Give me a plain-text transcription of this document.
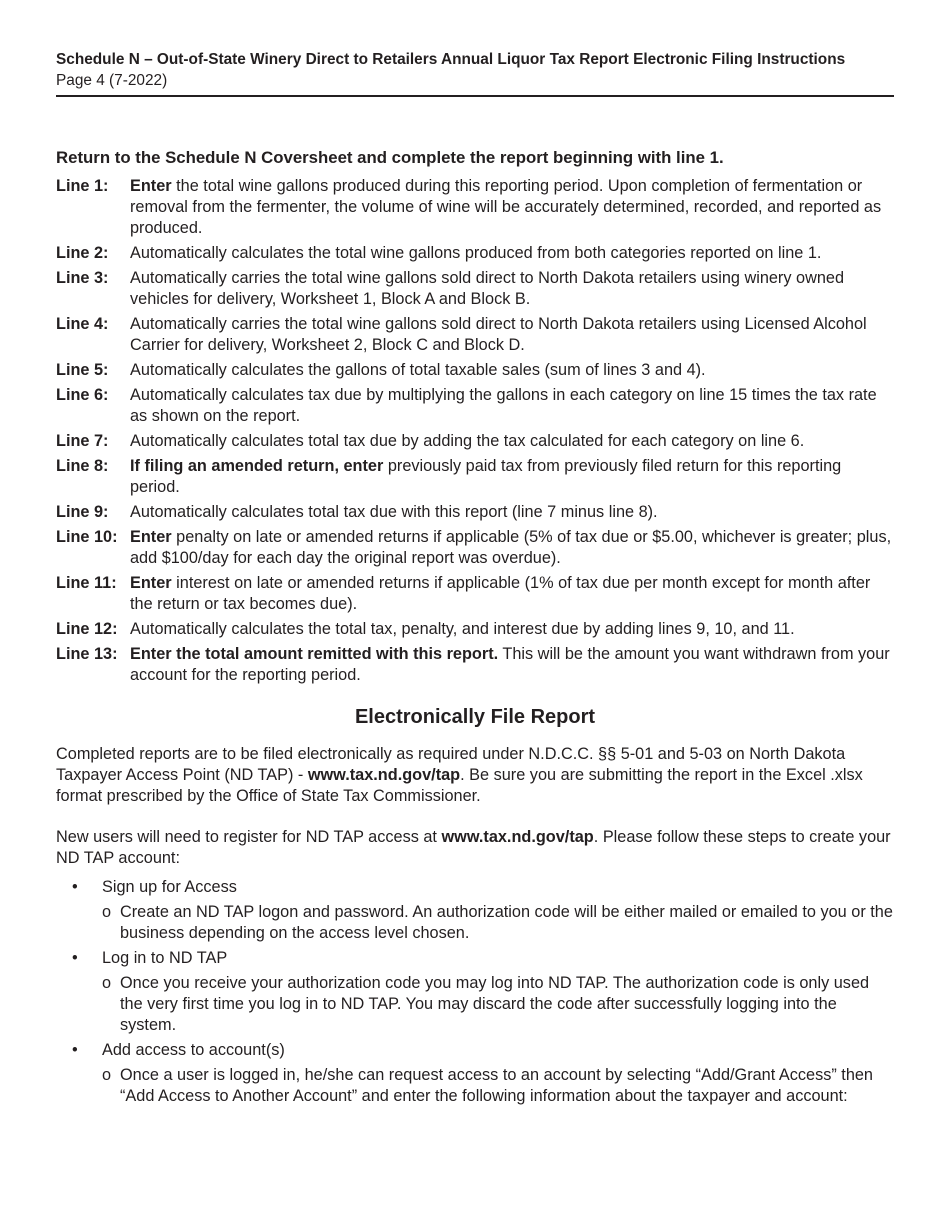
Schedule N – Out-of-State Winery Direct to Retailers Annual Liquor Tax Report Electronic Filing Instructions
Page 4 (7-2022)
Return to the Schedule N Coversheet and complete the report beginning with line 1.
Line 1:	Enter the total wine gallons produced during this reporting period. Upon completion of fermentation or removal from the fermenter, the volume of wine will be accurately determined, recorded, and reported as produced.
Line 2:	Automatically calculates the total wine gallons produced from both categories reported on line 1.
Line 3:	Automatically carries the total wine gallons sold direct to North Dakota retailers using winery owned vehicles for delivery, Worksheet 1, Block A and Block B.
Line 4:	Automatically carries the total wine gallons sold direct to North Dakota retailers using Licensed Alcohol Carrier for delivery, Worksheet 2, Block C and Block D.
Line 5:	Automatically calculates the gallons of total taxable sales (sum of lines 3 and 4).
Line 6:	Automatically calculates tax due by multiplying the gallons in each category on line 15 times the tax rate as shown on the report.
Line 7:	Automatically calculates total tax due by adding the tax calculated for each category on line 6.
Line 8:	If filing an amended return, enter previously paid tax from previously filed return for this reporting period.
Line 9:	Automatically calculates total tax due with this report (line 7 minus line 8).
Line 10: Enter penalty on late or amended returns if applicable (5% of tax due or $5.00, whichever is greater; plus, add $100/day for each day the original report was overdue).
Line 11: Enter interest on late or amended returns if applicable (1% of tax due per month except for month after the return or tax becomes due).
Line 12: Automatically calculates the total tax, penalty, and interest due by adding lines 9, 10, and 11.
Line 13: Enter the total amount remitted with this report. This will be the amount you want withdrawn from your account for the reporting period.
Electronically File Report

Completed reports are to be filed electronically as required under N.D.C.C. §§ 5-01 and 5-03 on North Dakota Taxpayer Access Point (ND TAP) - www.tax.nd.gov/tap. Be sure you are submitting the report in the Excel .xlsx format prescribed by the Office of State Tax Commissioner.

New users will need to register for ND TAP access at www.tax.nd.gov/tap. Please follow these steps to create your ND TAP account:

•	Sign up for Access
o Create an ND TAP logon and password. An authorization code will be either mailed or emailed to you or the business depending on the access level chosen.
•	Log in to ND TAP
o Once you receive your authorization code you may log into ND TAP. The authorization code is only used the very first time you log in to ND TAP. You may discard the code after successfully logging into the system.
•	Add access to account(s)
o Once a user is logged in, he/she can request access to an account by selecting “Add/Grant Access” then “Add Access to Another Account” and enter the following information about the taxpayer and account:
